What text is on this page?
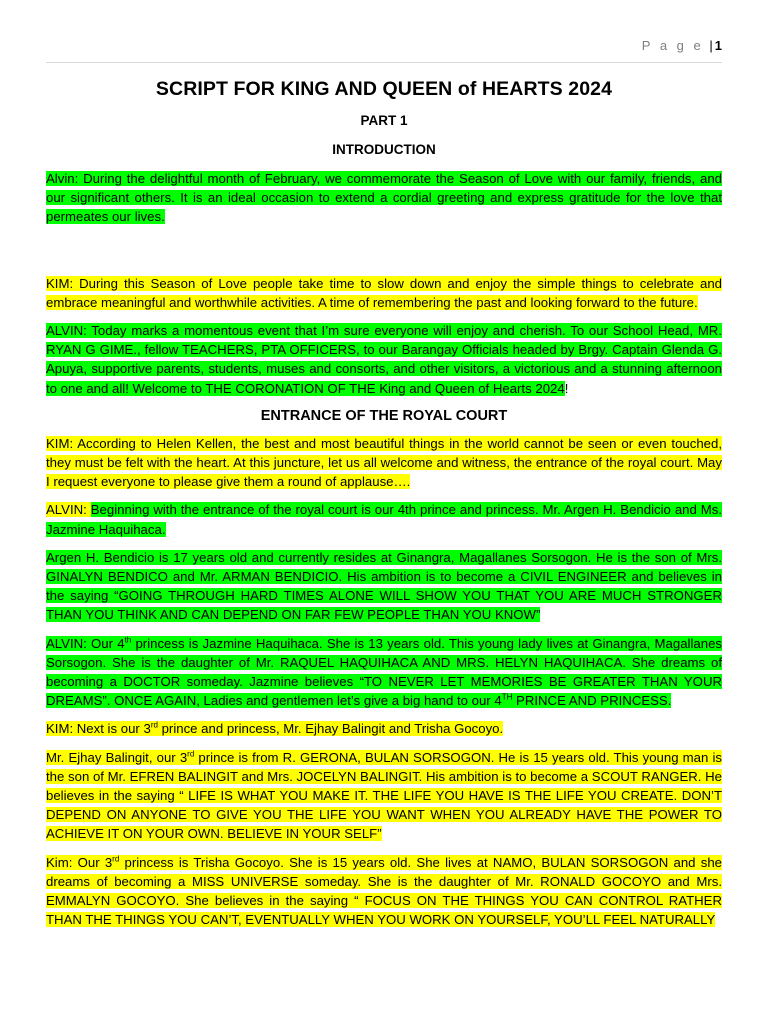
P a g e | 1
SCRIPT FOR KING AND QUEEN of HEARTS 2024
PART 1
INTRODUCTION

Alvin: During the delightful month of February, we commemorate the Season of Love with our family, friends, and our significant others. It is an ideal occasion to extend a cordial greeting and express gratitude for the love that permeates our lives.

KIM: During this Season of Love people take time to slow down and enjoy the simple things to celebrate and embrace meaningful and worthwhile activities. A time of remembering the past and looking forward to the future.

ALVIN: Today marks a momentous event that I’m sure everyone will enjoy and cherish. To our School Head, MR. RYAN G GIME., fellow TEACHERS, PTA OFFICERS, to our Barangay Officials headed by Brgy. Captain Glenda G. Apuya, supportive parents, students, muses and consorts, and other visitors, a victorious and a stunning afternoon to one and all! Welcome to THE CORONATION OF THE King and Queen of Hearts 2024!

ENTRANCE OF THE ROYAL COURT

KIM: According to Helen Kellen, the best and most beautiful things in the world cannot be seen or even touched, they must be felt with the heart. At this juncture, let us all welcome and witness, the entrance of the royal court. May I request everyone to please give them a round of applause….

ALVIN: Beginning with the entrance of the royal court is our 4th prince and princess. Mr. Argen H. Bendicio and Ms. Jazmine Haquihaca.

Argen H. Bendicio is 17 years old and currently resides at Ginangra, Magallanes Sorsogon. He is the son of Mrs. GINALYN BENDICO and Mr. ARMAN BENDICIO. His ambition is to become a CIVIL ENGINEER and believes in the saying “GOING THROUGH HARD TIMES ALONE WILL SHOW YOU THAT YOU ARE MUCH STRONGER THAN YOU THINK AND CAN DEPEND ON FAR FEW PEOPLE THAN YOU KNOW”

ALVIN: Our 4th princess is Jazmine Haquihaca. She is 13 years old. This young lady lives at Ginangra, Magallanes Sorsogon. She is the daughter of Mr. RAQUEL HAQUIHACA AND MRS. HELYN HAQUIHACA. She dreams of becoming a DOCTOR someday. Jazmine believes “TO NEVER LET MEMORIES BE GREATER THAN YOUR DREAMS”. ONCE AGAIN, Ladies and gentlemen let’s give a big hand to our 4TH PRINCE AND PRINCESS.

KIM: Next is our 3rd prince and princess, Mr. Ejhay Balingit and Trisha Gocoyo.

Mr. Ejhay Balingit, our 3rd prince is from R. GERONA, BULAN SORSOGON. He is 15 years old. This young man is the son of Mr. EFREN BALINGIT and Mrs. JOCELYN BALINGIT. His ambition is to become a SCOUT RANGER. He believes in the saying “ LIFE IS WHAT YOU MAKE IT. THE LIFE YOU HAVE IS THE LIFE YOU CREATE. DON’T DEPEND ON ANYONE TO GIVE YOU THE LIFE YOU WANT WHEN YOU ALREADY HAVE THE POWER TO ACHIEVE IT ON YOUR OWN. BELIEVE IN YOUR SELF”

Kim: Our 3rd princess is Trisha Gocoyo. She is 15 years old. She lives at NAMO, BULAN SORSOGON and she dreams of becoming a MISS UNIVERSE someday. She is the daughter of Mr. RONALD GOCOYO and Mrs. EMMALYN GOCOYO. She believes in the saying “ FOCUS ON THE THINGS YOU CAN CONTROL RATHER THAN THE THINGS YOU CAN’T, EVENTUALLY WHEN YOU WORK ON YOURSELF, YOU’LL FEEL NATURALLY
